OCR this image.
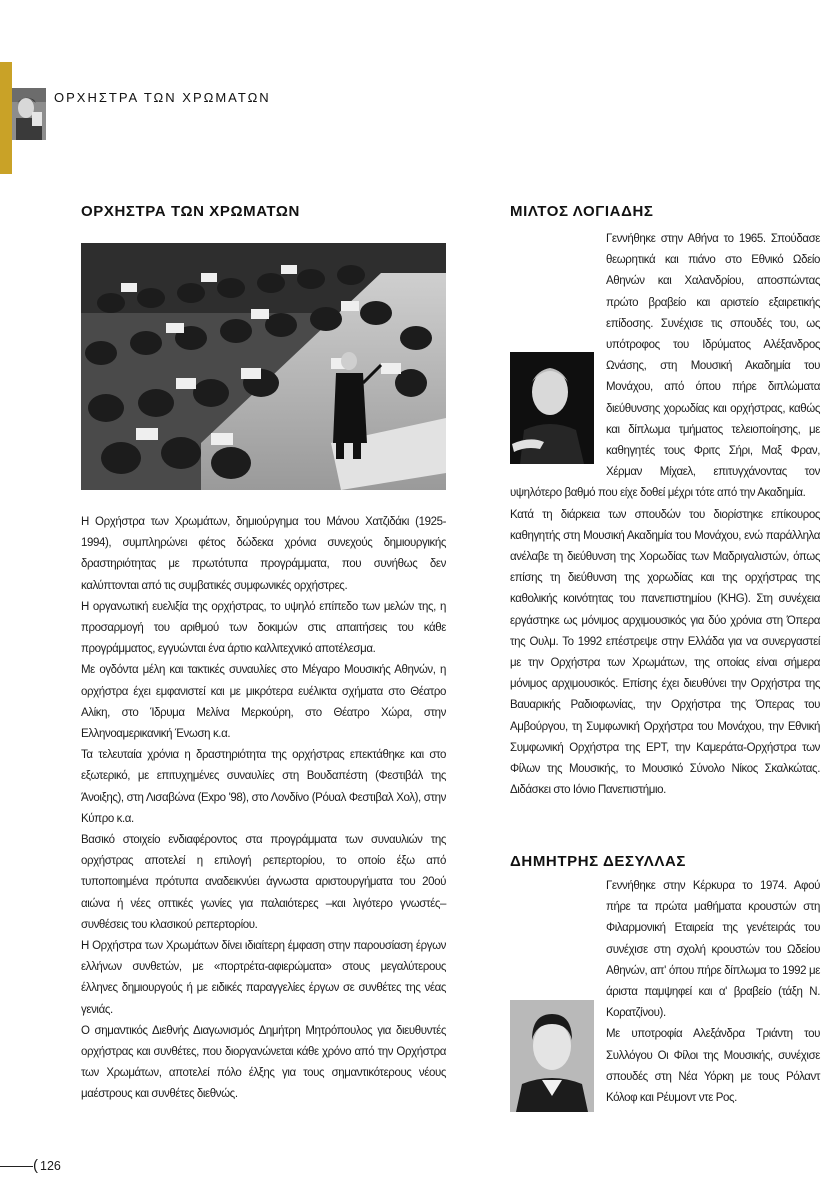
ΟΡΧΗΣΤΡΑ ΤΩΝ ΧΡΩΜΑΤΩΝ
ΟΡΧΗΣΤΡΑ ΤΩΝ ΧΡΩΜΑΤΩΝ

Η Ορχήστρα των Χρωμάτων, δημιούργημα του Μάνου Χατζιδάκι (1925-1994), συμπληρώνει φέτος δώδεκα χρόνια συνεχούς δημιουργικής δραστηριότητας με πρωτότυπα προγράμματα, που συνήθως δεν καλύπτονται από τις συμβατικές συμφωνικές ορχήστρες.

Η οργανωτική ευελιξία της ορχήστρας, το υψηλό επίπεδο των μελών της, η προσαρμογή του αριθμού των δοκιμών στις απαιτήσεις του κάθε προγράμματος, εγγυώνται ένα άρτιο καλλιτεχνικό αποτέλεσμα.

Με ογδόντα μέλη και τακτικές συναυλίες στο Μέγαρο Μουσικής Αθηνών, η ορχήστρα έχει εμφανιστεί και με μικρότερα ευέλικτα σχήματα στο Θέατρο Αλίκη, στο Ίδρυμα Μελίνα Μερκούρη, στο Θέατρο Χώρα, στην Ελληνοαμερικανική Ένωση κ.α.

Τα τελευταία χρόνια η δραστηριότητα της ορχήστρας επεκτάθηκε και στο εξωτερικό, με επιτυχημένες συναυλίες στη Βουδαπέστη (Φεστιβάλ της Άνοιξης), στη Λισαβώνα (Expo '98), στο Λονδίνο (Ρόυαλ Φεστιβαλ Χολ), στην Κύπρο κ.α.

Βασικό στοιχείο ενδιαφέροντος στα προγράμματα των συναυλιών της ορχήστρας αποτελεί η επιλογή ρεπερτορίου, το οποίο έξω από τυποποιημένα πρότυπα αναδεικνύει άγνωστα αριστουργήματα του 20ού αιώνα ή νέες οπτικές γωνίες για παλαιότερες –και λιγότερο γνωστές– συνθέσεις του κλασικού ρεπερτορίου.

Η Ορχήστρα των Χρωμάτων δίνει ιδιαίτερη έμφαση στην παρουσίαση έργων ελλήνων συνθετών, με «πορτρέτα-αφιερώματα» στους μεγαλύτερους έλληνες δημιουργούς ή με ειδικές παραγγελίες έργων σε συνθέτες της νέας γενιάς.

Ο σημαντικός Διεθνής Διαγωνισμός Δημήτρη Μητρόπουλος για διευθυντές ορχήστρας και συνθέτες, που διοργανώνεται κάθε χρόνο από την Ορχήστρα των Χρωμάτων, αποτελεί πόλο έλξης για τους σημαντικότερους νέους μαέστρους και συνθέτες διεθνώς.

ΜΙΛΤΟΣ ΛΟΓΙΑΔΗΣ

Γεννήθηκε στην Αθήνα το 1965. Σπούδασε θεωρητικά και πιάνο στο Εθνικό Ωδείο Αθηνών και Χαλανδρίου, αποσπώντας πρώτο βραβείο και αριστείο εξαιρετικής επίδοσης. Συνέχισε τις σπουδές του, ως υπότροφος του Ιδρύματος Αλέξανδρος Ωνάσης, στη Μουσική Ακαδημία του Μονάχου, από όπου πήρε διπλώματα διεύθυνσης χορωδίας και ορχήστρας, καθώς και δίπλωμα τμήματος τελειοποίησης, με καθηγητές τους Φριτς Σήρι, Μαξ Φραν, Χέρμαν Μίχαελ, επιτυγχάνοντας τον υψηλότερο βαθμό που είχε δοθεί μέχρι τότε από την Ακαδημία.

Κατά τη διάρκεια των σπουδών του διορίστηκε επίκουρος καθηγητής στη Μουσική Ακαδημία του Μονάχου, ενώ παράλληλα ανέλαβε τη διεύθυνση της Χορωδίας των Μαδριγαλιστών, όπως επίσης τη διεύθυνση της χορωδίας και της ορχήστρας της καθολικής κοινότητας του πανεπιστημίου (KHG). Στη συνέχεια εργάστηκε ως μόνιμος αρχιμουσικός για δύο χρόνια στη Όπερα της Ουλμ. Το 1992 επέστρεψε στην Ελλάδα για να συνεργαστεί με την Ορχήστρα των Χρωμάτων, της οποίας είναι σήμερα μόνιμος αρχιμουσικός. Επίσης έχει διευθύνει την Ορχήστρα της Βαυαρικής Ραδιοφωνίας, την Ορχήστρα της Όπερας του Αμβούργου, τη Συμφωνική Ορχήστρα του Μονάχου, την Εθνική Συμφωνική Ορχήστρα της ΕΡΤ, την Καμεράτα-Ορχήστρα των Φίλων της Μουσικής, το Μουσικό Σύνολο Νίκος Σκαλκώτας. Διδάσκει στο Ιόνιο Πανεπιστήμιο.

ΔΗΜΗΤΡΗΣ ΔΕΣΥΛΛΑΣ

Γεννήθηκε στην Κέρκυρα το 1974. Αφού πήρε τα πρώτα μαθήματα κρουστών στη Φιλαρμονική Εταιρεία της γενέτειράς του συνέχισε στη σχολή κρουστών του Ωδείου Αθηνών, απ' όπου πήρε δίπλωμα το 1992 με άριστα παμψηφεί και α' βραβείο (τάξη Ν. Κορατζίνου).

Με υποτροφία Αλεξάνδρα Τριάντη του Συλλόγου Οι Φίλοι της Μουσικής, συνέχισε σπουδές στη Νέα Υόρκη με τους Ρόλαντ Κόλοφ και Ρέυμοντ ντε Ρος.

( 126
